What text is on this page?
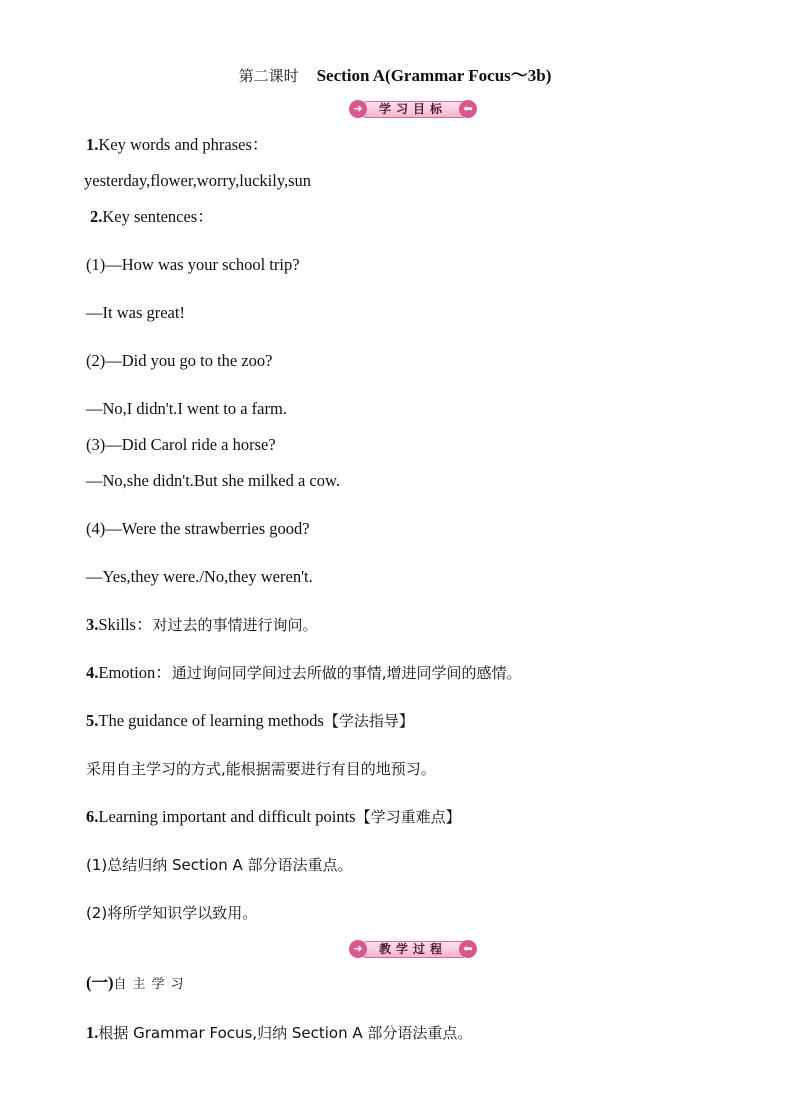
第二课时 Section A(Grammar Focus～3b)
➜	⬅
学习目标
1.Key words and phrases：
yesterday,flower,worry,luckily,sun
2.Key sentences：
(1)—How was your school trip?
—It was great!
(2)—Did you go to the zoo?
—No,I didn't.I went to a farm.
(3)—Did Carol ride a horse?
—No,she didn't.But she milked a cow.
(4)—Were the strawberries good?
—Yes,they were./No,they weren't.
3.Skills：对过去的事情进行询问。
4.Emotion：通过询问同学间过去所做的事情,增进同学间的感情。
5.The guidance of learning methods【学法指导】
采用自主学习的方式,能根据需要进行有目的地预习。
6.Learning important and difficult points【学习重难点】
(1)总结归纳 Section A 部分语法重点。
(2)将所学知识学以致用。
➜	⬅
教学过程
(一)自主学习
1.根据 Grammar Focus,归纳 Section A 部分语法重点。
